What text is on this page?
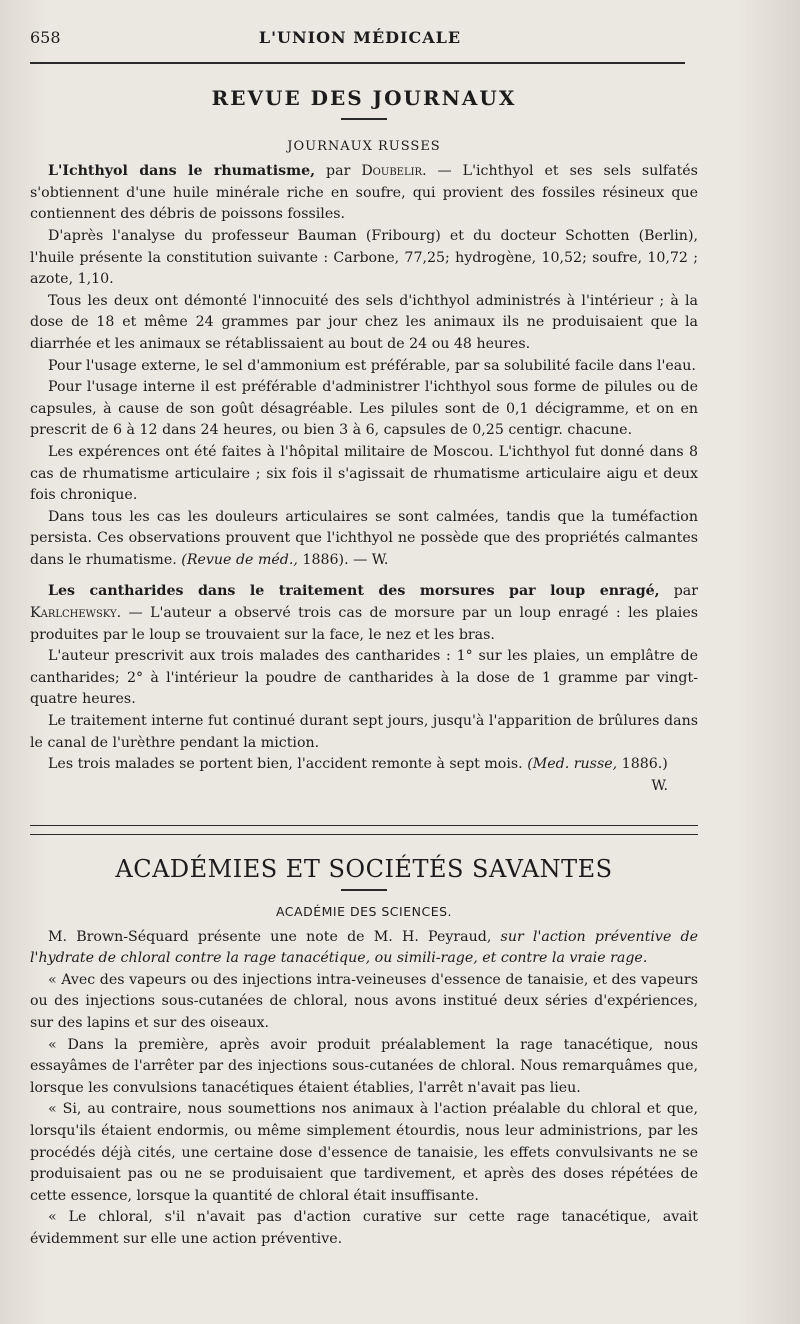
658	L'UNION MÉDICALE
REVUE DES JOURNAUX
JOURNAUX RUSSES

L'Ichthyol dans le rhumatisme, par Doubelir. — L'ichthyol et ses sels sulfatés s'obtiennent d'une huile minérale riche en soufre, qui provient des fossiles résineux que contiennent des débris de poissons fossiles.

D'après l'analyse du professeur Bauman (Fribourg) et du docteur Schotten (Berlin), l'huile présente la constitution suivante : Carbone, 77,25; hydrogène, 10,52; soufre, 10,72 ; azote, 1,10.

Tous les deux ont démonté l'innocuité des sels d'ichthyol administrés à l'intérieur ; à la dose de 18 et même 24 grammes par jour chez les animaux ils ne produisaient que la diarrhée et les animaux se rétablissaient au bout de 24 ou 48 heures.

Pour l'usage externe, le sel d'ammonium est préférable, par sa solubilité facile dans l'eau.

Pour l'usage interne il est préférable d'administrer l'ichthyol sous forme de pilules ou de capsules, à cause de son goût désagréable. Les pilules sont de 0,1 décigramme, et on en prescrit de 6 à 12 dans 24 heures, ou bien 3 à 6, capsules de 0,25 centigr. chacune.

Les expérences ont été faites à l'hôpital militaire de Moscou. L'ichthyol fut donné dans 8 cas de rhumatisme articulaire ; six fois il s'agissait de rhumatisme articulaire aigu et deux fois chronique.

Dans tous les cas les douleurs articulaires se sont calmées, tandis que la tuméfaction persista. Ces observations prouvent que l'ichthyol ne possède que des propriétés calmantes dans le rhumatisme. (Revue de méd., 1886). — W.

Les cantharides dans le traitement des morsures par loup enragé, par Karlchewsky. — L'auteur a observé trois cas de morsure par un loup enragé : les plaies produites par le loup se trouvaient sur la face, le nez et les bras.

L'auteur prescrivit aux trois malades des cantharides : 1° sur les plaies, un emplâtre de cantharides; 2° à l'intérieur la poudre de cantharides à la dose de 1 gramme par vingt-quatre heures.

Le traitement interne fut continué durant sept jours, jusqu'à l'apparition de brûlures dans le canal de l'urèthre pendant la miction.

Les trois malades se portent bien, l'accident remonte à sept mois. (Med. russe, 1886.)

W.
ACADÉMIES ET SOCIÉTÉS SAVANTES
ACADÉMIE DES SCIENCES.

M. Brown-Séquard présente une note de M. H. Peyraud, sur l'action préventive de l'hydrate de chloral contre la rage tanacétique, ou simili-rage, et contre la vraie rage.

« Avec des vapeurs ou des injections intra-veineuses d'essence de tanaisie, et des vapeurs ou des injections sous-cutanées de chloral, nous avons institué deux séries d'expériences, sur des lapins et sur des oiseaux.

« Dans la première, après avoir produit préalablement la rage tanacétique, nous essayâmes de l'arrêter par des injections sous-cutanées de chloral. Nous remarquâmes que, lorsque les convulsions tanacétiques étaient établies, l'arrêt n'avait pas lieu.

« Si, au contraire, nous soumettions nos animaux à l'action préalable du chloral et que, lorsqu'ils étaient endormis, ou même simplement étourdis, nous leur administrions, par les procédés déjà cités, une certaine dose d'essence de tanaisie, les effets convulsivants ne se produisaient pas ou ne se produisaient que tardivement, et après des doses répétées de cette essence, lorsque la quantité de chloral était insuffisante.

« Le chloral, s'il n'avait pas d'action curative sur cette rage tanacétique, avait évidemment sur elle une action préventive.
